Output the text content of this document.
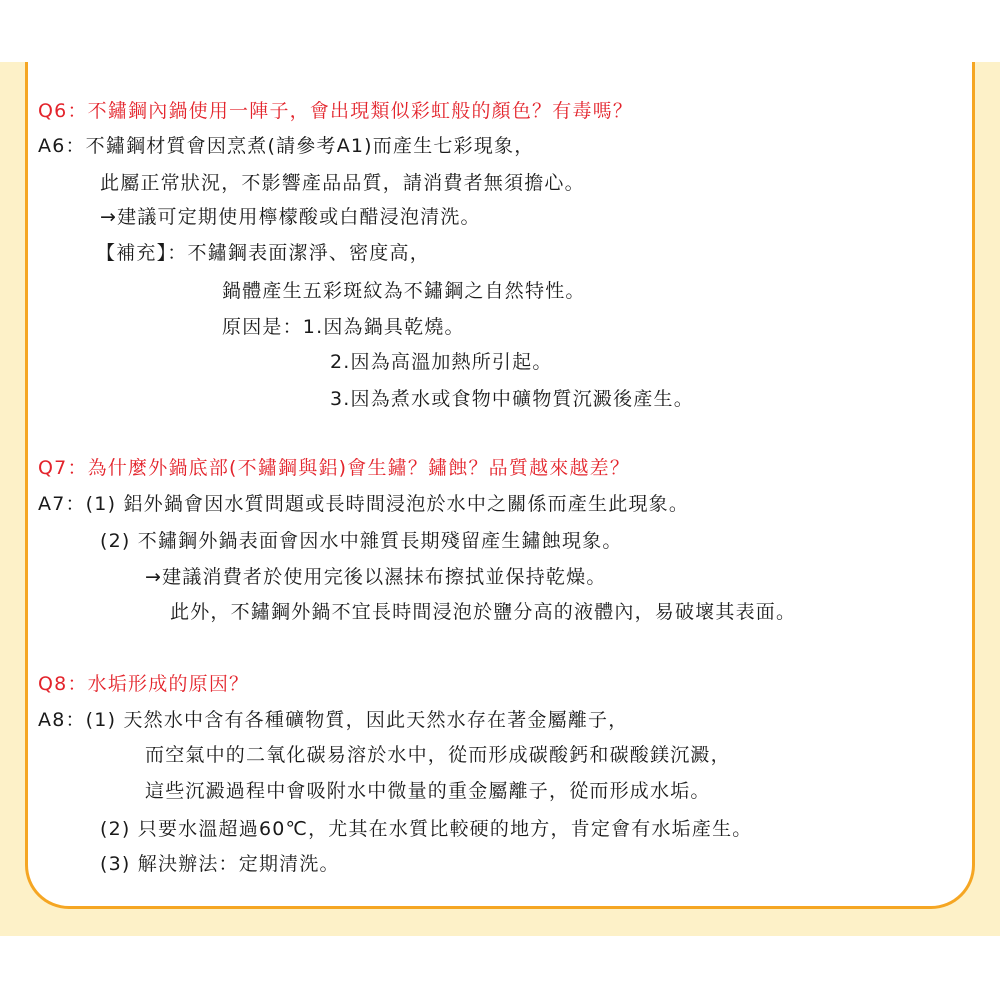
Q6：不鏽鋼內鍋使用一陣子，會出現類似彩虹般的顏色？有毒嗎？
A6：不鏽鋼材質會因烹煮(請參考A1)而產生七彩現象，
此屬正常狀況，不影響產品品質，請消費者無須擔心。
→建議可定期使用檸檬酸或白醋浸泡清洗。
【補充】：不鏽鋼表面潔淨、密度高，
鍋體產生五彩斑紋為不鏽鋼之自然特性。
原因是：1.因為鍋具乾燒。
2.因為高溫加熱所引起。
3.因為煮水或食物中礦物質沉澱後產生。
Q7：為什麼外鍋底部(不鏽鋼與鋁)會生鏽？鏽蝕？品質越來越差？
A7：(1) 鋁外鍋會因水質問題或長時間浸泡於水中之關係而產生此現象。
(2) 不鏽鋼外鍋表面會因水中雜質長期殘留產生鏽蝕現象。
→建議消費者於使用完後以濕抹布擦拭並保持乾燥。
此外，不鏽鋼外鍋不宜長時間浸泡於鹽分高的液體內，易破壞其表面。
Q8：水垢形成的原因？
A8：(1) 天然水中含有各種礦物質，因此天然水存在著金屬離子，
而空氣中的二氧化碳易溶於水中，從而形成碳酸鈣和碳酸鎂沉澱，
這些沉澱過程中會吸附水中微量的重金屬離子，從而形成水垢。
(2) 只要水溫超過60℃，尤其在水質比較硬的地方，肯定會有水垢產生。
(3) 解決辦法：定期清洗。
